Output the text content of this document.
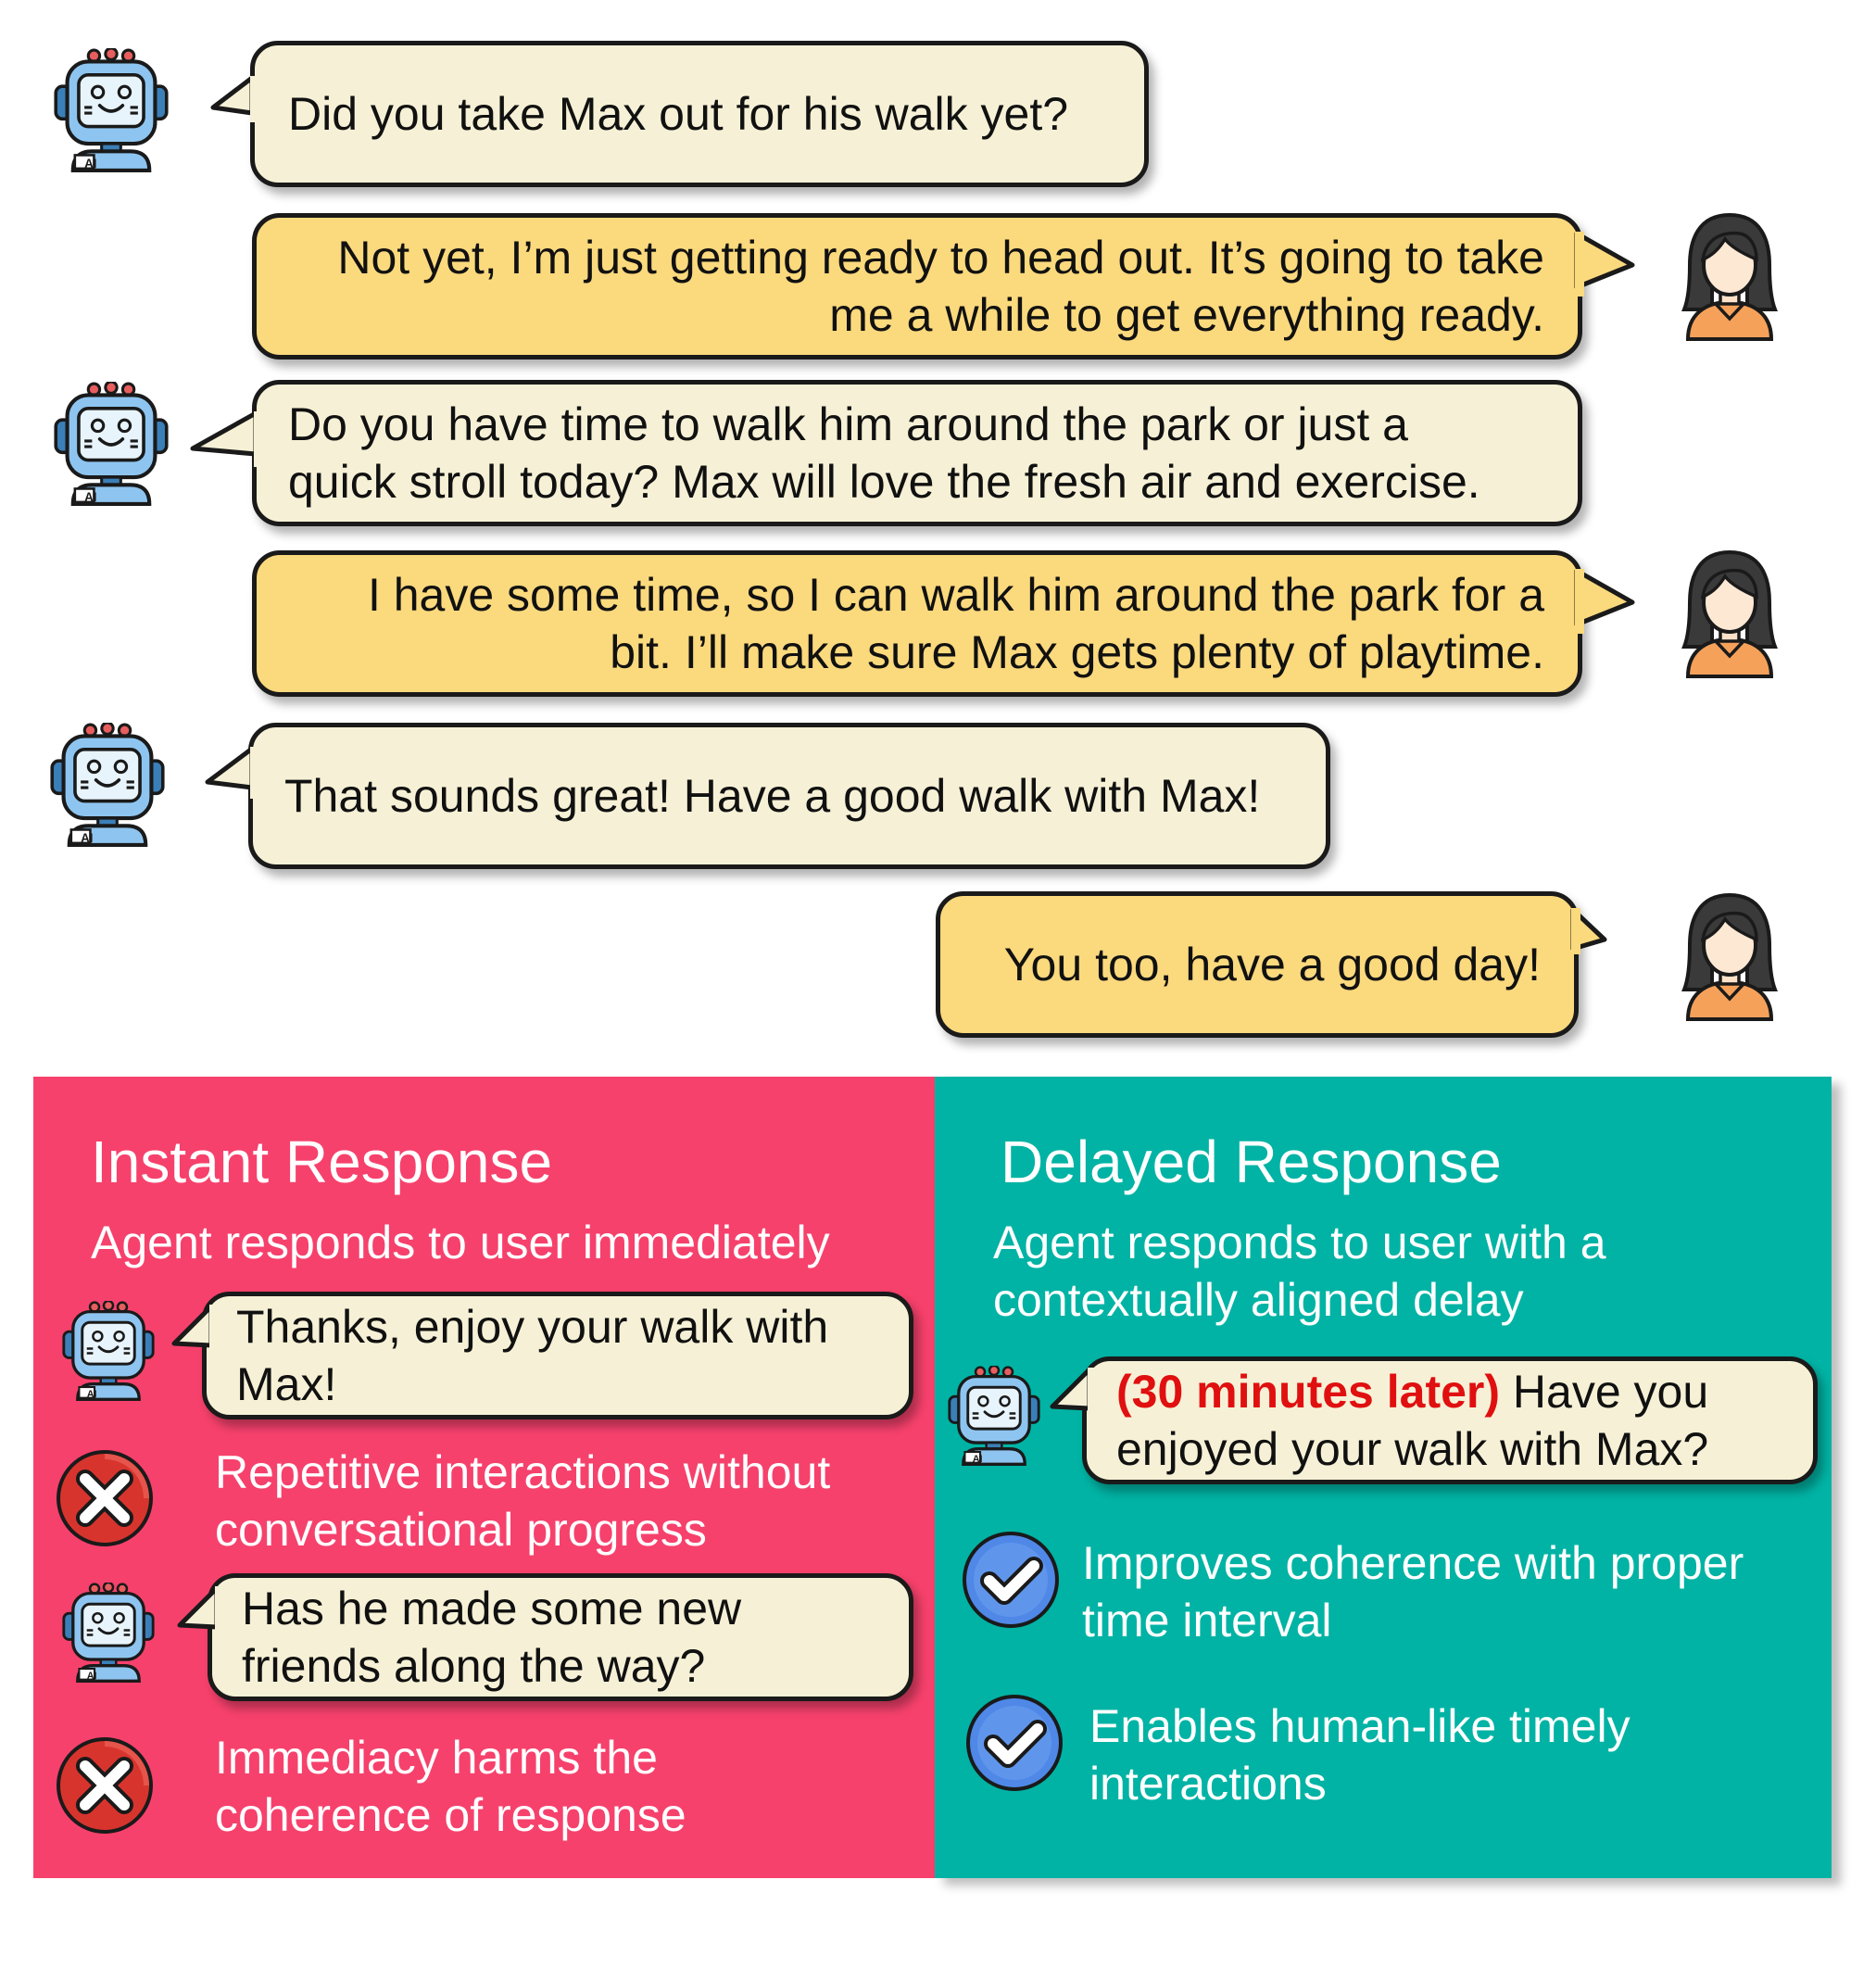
AI
Did you take Max out for his walk yet?
Not yet, I’m just getting ready to head out. It’s going to take
me a while to get everything ready.
AI
Do you have time to walk him around the park or just a
quick stroll today? Max will love the fresh air and exercise.
I have some time, so I can walk him around the park for a
bit. I’ll make sure Max gets plenty of playtime.
AI
That sounds great! Have a good walk with Max!
You too, have a good day!
Instant Response
Agent responds to user immediately
AI
Thanks, enjoy your walk with
Max!
Repetitive interactions without
conversational progress
AI
Has he made some new
friends along the way?
Immediacy harms the
coherence of response
Delayed Response
Agent responds to user with a
contextually aligned delay
AI
(30 minutes later) Have you
enjoyed your walk with Max?
Improves coherence with proper
time interval
Enables human-like timely
interactions
